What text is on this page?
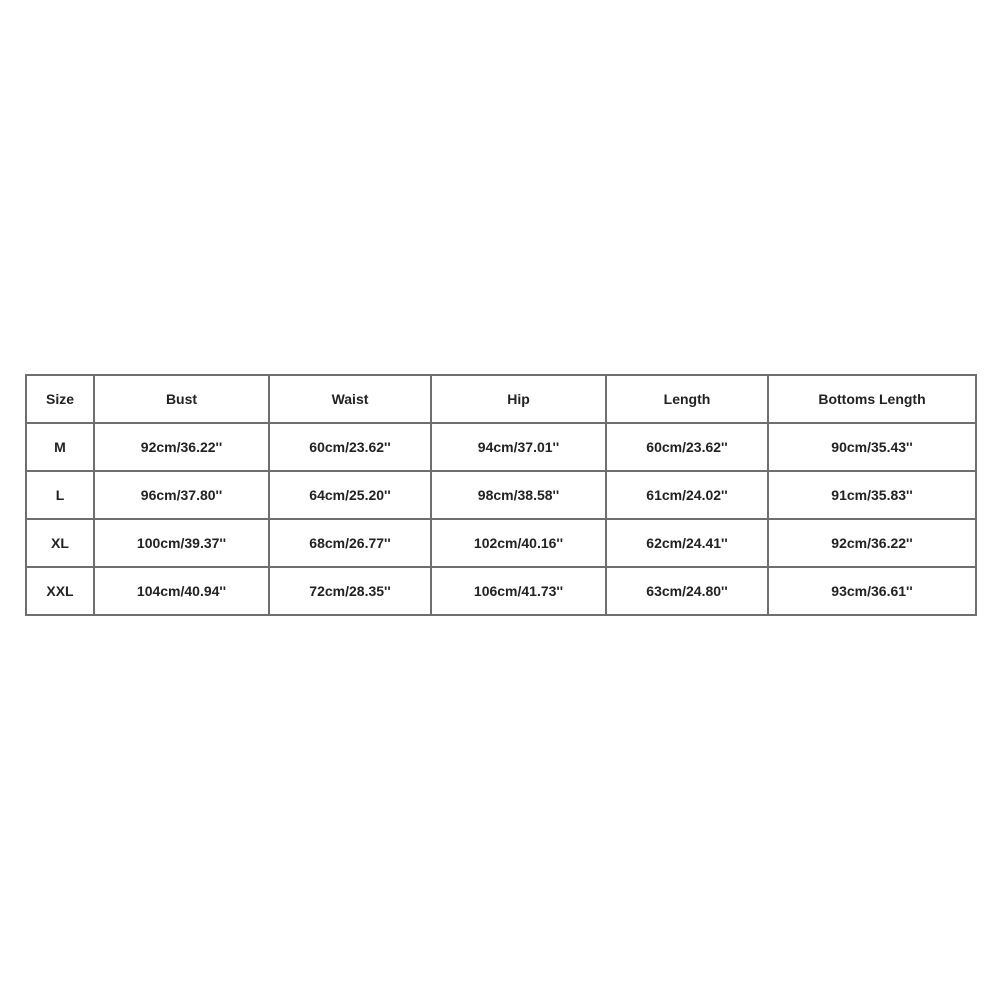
Size	Bust	Waist	Hip	Length	Bottoms Length
M	92cm/36.22''	60cm/23.62''	94cm/37.01''	60cm/23.62''	90cm/35.43''
L	96cm/37.80''	64cm/25.20''	98cm/38.58''	61cm/24.02''	91cm/35.83''
XL	100cm/39.37''	68cm/26.77''	102cm/40.16''	62cm/24.41''	92cm/36.22''
XXL	104cm/40.94''	72cm/28.35''	106cm/41.73''	63cm/24.80''	93cm/36.61''
